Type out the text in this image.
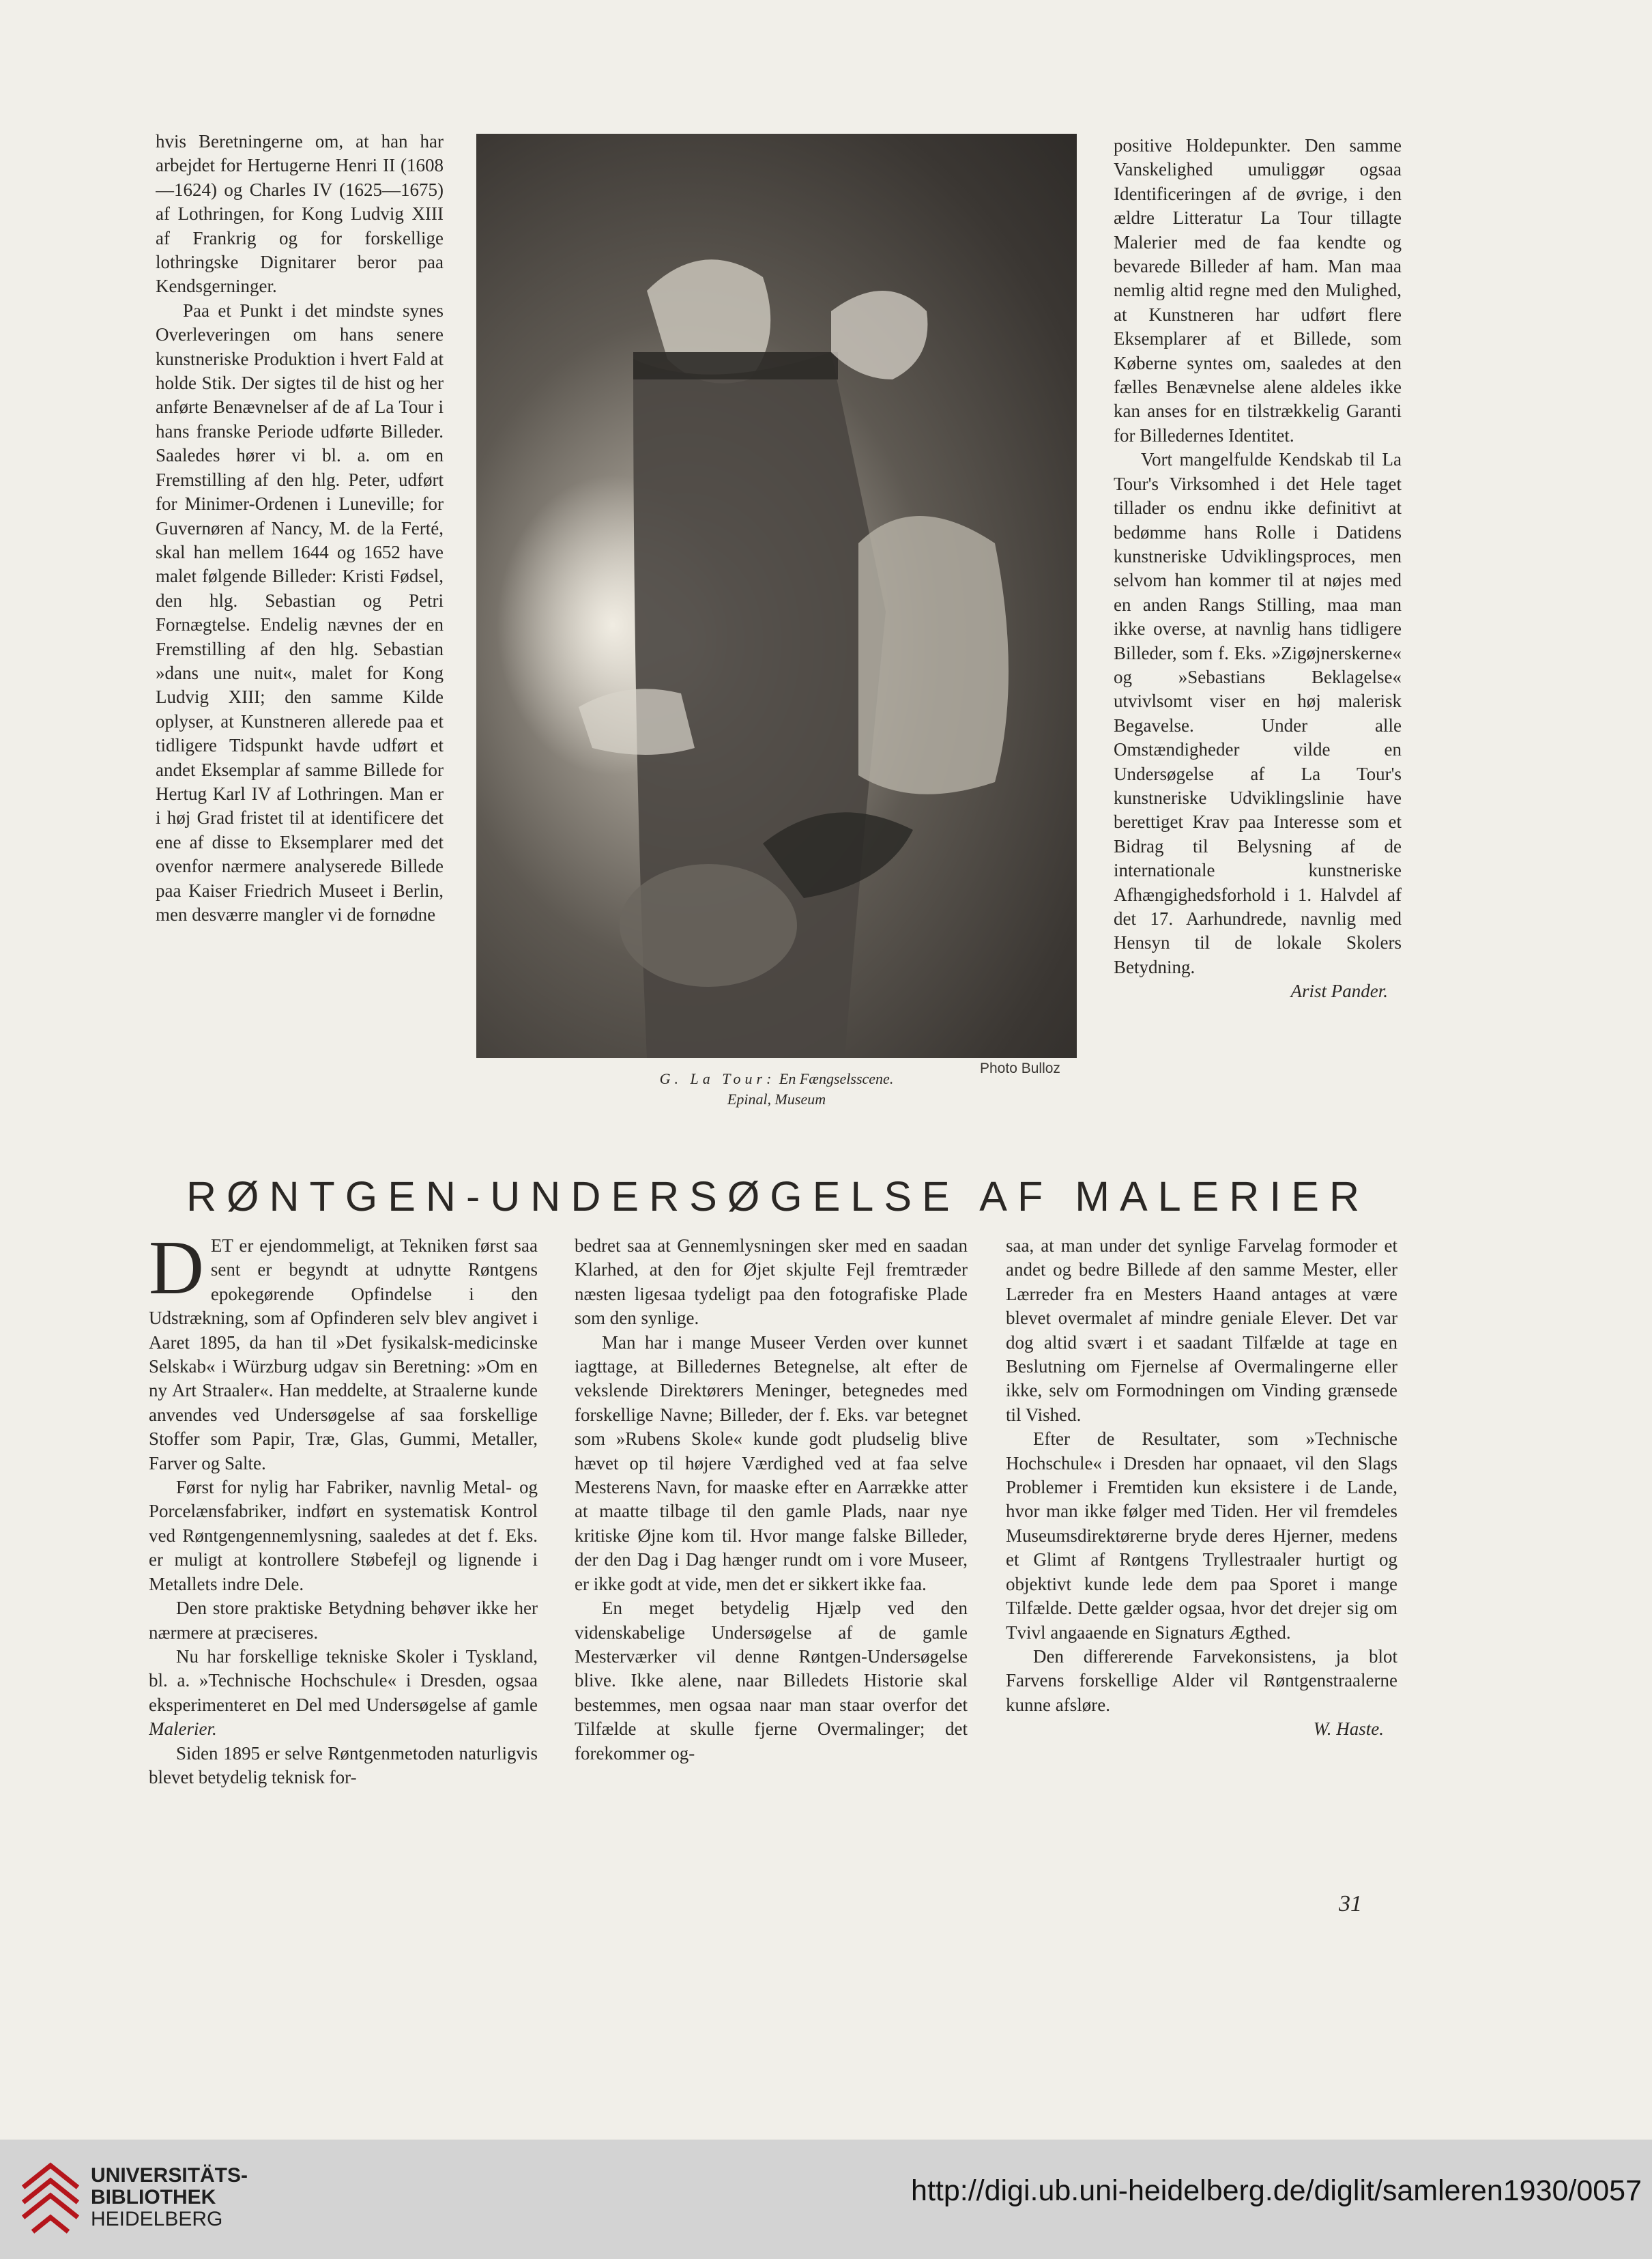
hvis Beretningerne om, at han har arbejdet for Hertugerne Henri II (1608—1624) og Charles IV (1625—1675) af Lothringen, for Kong Ludvig XIII af Frankrig og for forskellige lothringske Dignitarer beror paa Kendsgerninger.

Paa et Punkt i det mindste synes Overleveringen om hans senere kunstneriske Produktion i hvert Fald at holde Stik. Der sigtes til de hist og her anførte Benævnelser af de af La Tour i hans franske Periode udførte Billeder. Saaledes hører vi bl. a. om en Fremstilling af den hlg. Peter, udført for Minimer-Ordenen i Luneville; for Guvernøren af Nancy, M. de la Ferté, skal han mellem 1644 og 1652 have malet følgende Billeder: Kristi Fødsel, den hlg. Sebastian og Petri Fornægtelse. Endelig nævnes der en Fremstilling af den hlg. Sebastian »dans une nuit«, malet for Kong Ludvig XIII; den samme Kilde oplyser, at Kunstneren allerede paa et tidligere Tidspunkt havde udført et andet Eksemplar af samme Billede for Hertug Karl IV af Lothringen. Man er i høj Grad fristet til at identificere det ene af disse to Eksemplarer med det ovenfor nærmere analyserede Billede paa Kaiser Friedrich Museet i Berlin, men desværre mangler vi de fornødne

Photo Bulloz
G. La Tour: En Fængselsscene.
Epinal, Museum

positive Holdepunkter. Den samme Vanskelighed umuliggør ogsaa Identificeringen af de øvrige, i den ældre Litteratur La Tour tillagte Malerier med de faa kendte og bevarede Billeder af ham. Man maa nemlig altid regne med den Mulighed, at Kunstneren har udført flere Eksemplarer af et Billede, som Køberne syntes om, saaledes at den fælles Benævnelse alene aldeles ikke kan anses for en tilstrækkelig Garanti for Billedernes Identitet.

Vort mangelfulde Kendskab til La Tour's Virksomhed i det Hele taget tillader os endnu ikke definitivt at bedømme hans Rolle i Datidens kunstneriske Udviklingsproces, men selvom han kommer til at nøjes med en anden Rangs Stilling, maa man ikke overse, at navnlig hans tidligere Billeder, som f. Eks. »Zigøjnerskerne« og »Sebastians Beklagelse« utvivlsomt viser en høj malerisk Begavelse. Under alle Omstændigheder vilde en Undersøgelse af La Tour's kunstneriske Udviklingslinie have berettiget Krav paa Interesse som et Bidrag til Belysning af de internationale kunstneriske Afhængighedsforhold i 1. Halvdel af det 17. Aarhundrede, navnlig med Hensyn til de lokale Skolers Betydning.

Arist Pander.

RØNTGEN-UNDERSØGELSE AF MALERIER

DET er ejendommeligt, at Tekniken først saa sent er begyndt at udnytte Røntgens epokegørende Opfindelse i den Udstrækning, som af Opfinderen selv blev angivet i Aaret 1895, da han til »Det fysikalsk-medicinske Selskab« i Würzburg udgav sin Beretning: »Om en ny Art Straaler«. Han meddelte, at Straalerne kunde anvendes ved Undersøgelse af saa forskellige Stoffer som Papir, Træ, Glas, Gummi, Metaller, Farver og Salte.

Først for nylig har Fabriker, navnlig Metal- og Porcelænsfabriker, indført en systematisk Kontrol ved Røntgengennemlysning, saaledes at det f. Eks. er muligt at kontrollere Støbefejl og lignende i Metallets indre Dele.

Den store praktiske Betydning behøver ikke her nærmere at præciseres.

Nu har forskellige tekniske Skoler i Tyskland, bl. a. »Technische Hochschule« i Dresden, ogsaa eksperimenteret en Del med Undersøgelse af gamle Malerier.

Siden 1895 er selve Røntgenmetoden naturligvis blevet betydelig teknisk for-

bedret saa at Gennemlysningen sker med en saadan Klarhed, at den for Øjet skjulte Fejl fremtræder næsten ligesaa tydeligt paa den fotografiske Plade som den synlige.

Man har i mange Museer Verden over kunnet iagttage, at Billedernes Betegnelse, alt efter de vekslende Direktørers Meninger, betegnedes med forskellige Navne; Billeder, der f. Eks. var betegnet som »Rubens Skole« kunde godt pludselig blive hævet op til højere Værdighed ved at faa selve Mesterens Navn, for maaske efter en Aarrække atter at maatte tilbage til den gamle Plads, naar nye kritiske Øjne kom til. Hvor mange falske Billeder, der den Dag i Dag hænger rundt om i vore Museer, er ikke godt at vide, men det er sikkert ikke faa.

En meget betydelig Hjælp ved den videnskabelige Undersøgelse af de gamle Mesterværker vil denne Røntgen-Undersøgelse blive. Ikke alene, naar Billedets Historie skal bestemmes, men ogsaa naar man staar overfor det Tilfælde at skulle fjerne Overmalinger; det forekommer og-

saa, at man under det synlige Farvelag formoder et andet og bedre Billede af den samme Mester, eller Lærreder fra en Mesters Haand antages at være blevet overmalet af mindre geniale Elever. Det var dog altid svært i et saadant Tilfælde at tage en Beslutning om Fjernelse af Overmalingerne eller ikke, selv om Formodningen om Vinding grænsede til Vished.

Efter de Resultater, som »Technische Hochschule« i Dresden har opnaaet, vil den Slags Problemer i Fremtiden kun eksistere i de Lande, hvor man ikke følger med Tiden. Her vil fremdeles Museumsdirektørerne bryde deres Hjerner, medens et Glimt af Røntgens Tryllestraaler hurtigt og objektivt kunde lede dem paa Sporet i mange Tilfælde. Dette gælder ogsaa, hvor det drejer sig om Tvivl angaaende en Signaturs Ægthed.

Den differerende Farvekonsistens, ja blot Farvens forskellige Alder vil Røntgenstraalerne kunne afsløre.

W. Haste.

31
UNIVERSITÄTS-
BIBLIOTHEK
HEIDELBERG
http://digi.ub.uni-heidelberg.de/diglit/samleren1930/0057
